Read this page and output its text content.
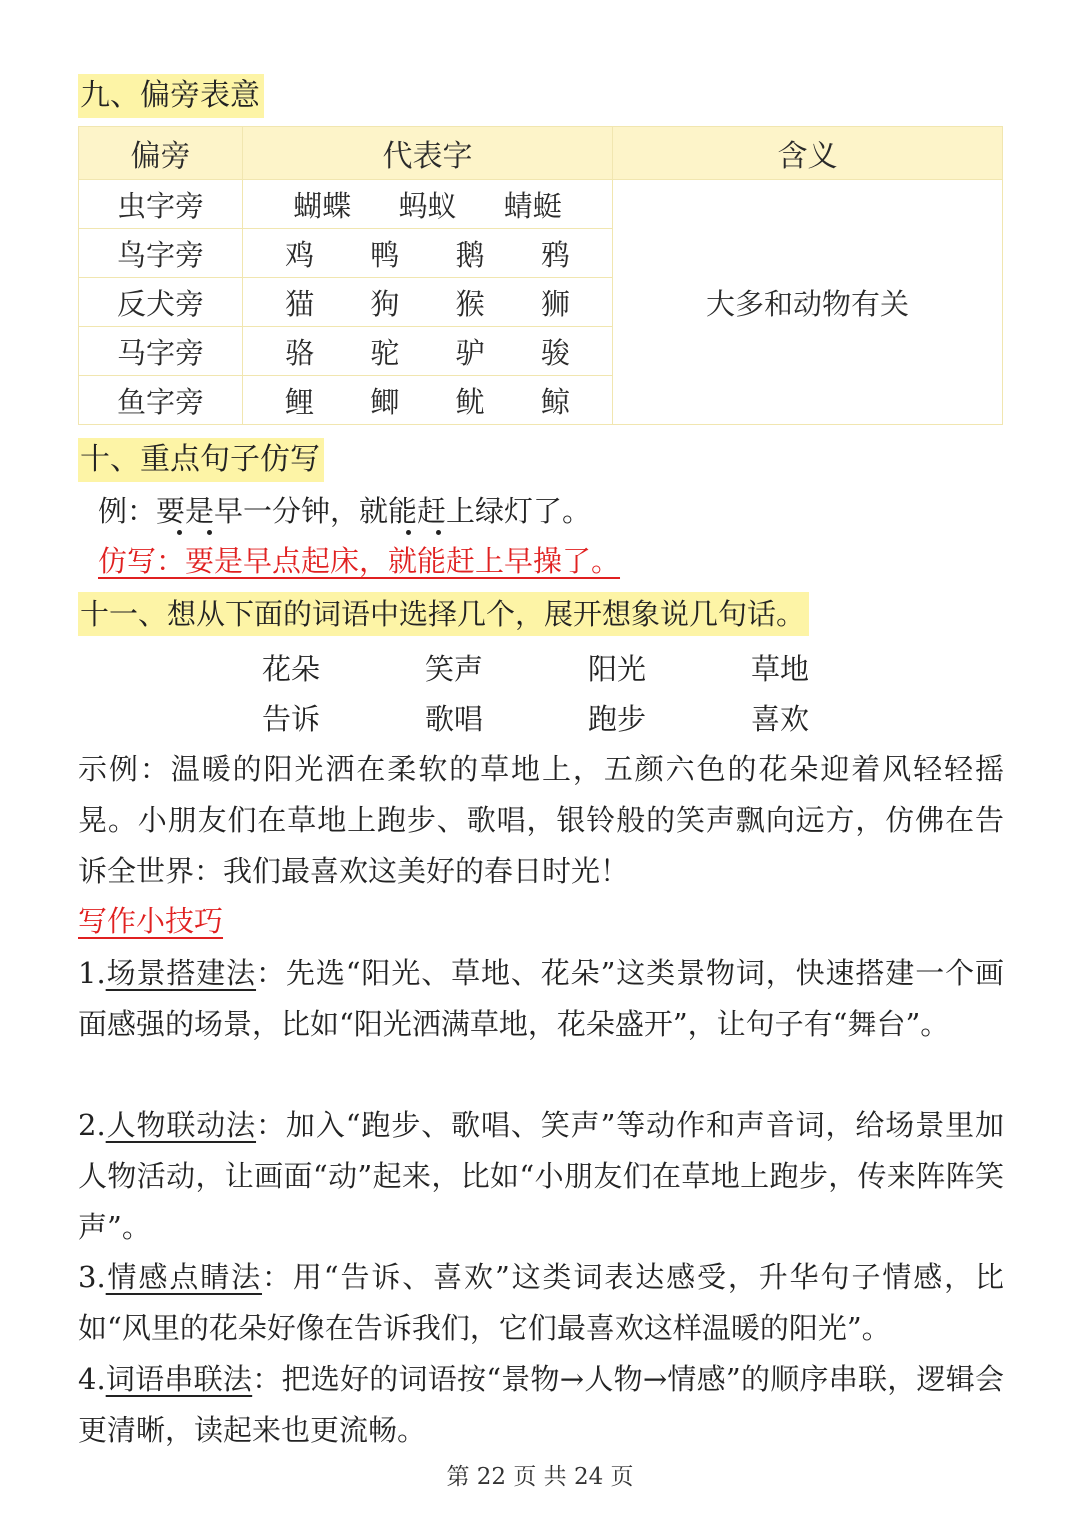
九、偏旁表意
偏旁	代表字	含义
虫字旁	蝴蝶 蚂蚁 蜻蜓	大多和动物有关
鸟字旁	鸡 鸭 鹅 鸦	
反犬旁	猫 狗 猴 狮	
马字旁	骆 驼 驴 骏	
鱼字旁	鲤 鲫 鱿 鲸	
十、重点句子仿写
例：要是早一分钟，就能赶上绿灯了。
仿写：要是早点起床，就能赶上早操了。
十一、想从下面的词语中选择几个，展开想象说几句话。
花朵	笑声	阳光	草地
告诉	歌唱	跑步	喜欢
示例：温暖的阳光洒在柔软的草地上，五颜六色的花朵迎着风轻轻摇晃。小朋友们在草地上跑步、歌唱，银铃般的笑声飘向远方，仿佛在告诉全世界：我们最喜欢这美好的春日时光！
写作小技巧
1.场景搭建法：先选“阳光、草地、花朵”这类景物词，快速搭建一个画面感强的场景，比如“阳光洒满草地，花朵盛开”，让句子有“舞台”。
2.人物联动法：加入“跑步、歌唱、笑声”等动作和声音词，给场景里加人物活动，让画面“动”起来，比如“小朋友们在草地上跑步，传来阵阵笑声”。
3.情感点睛法：用“告诉、喜欢”这类词表达感受，升华句子情感，比如“风里的花朵好像在告诉我们，它们最喜欢这样温暖的阳光”。
4.词语串联法：把选好的词语按“景物→人物→情感”的顺序串联，逻辑会更清晰，读起来也更流畅。
第 22 页 共 24 页
